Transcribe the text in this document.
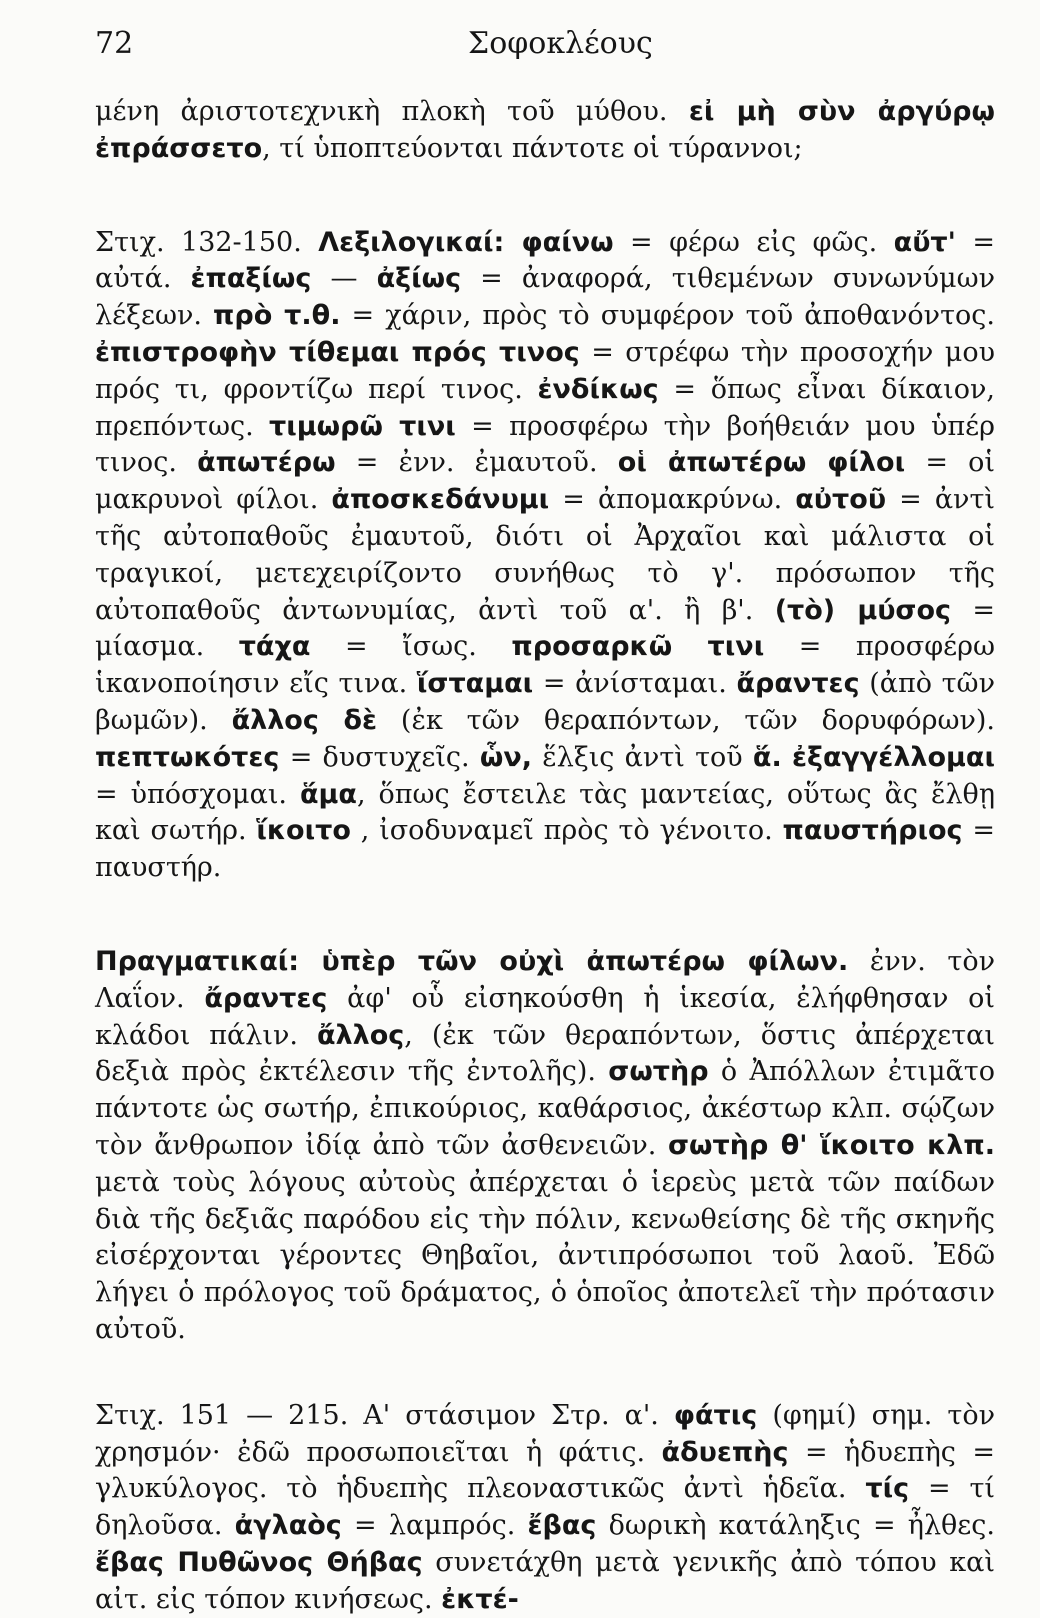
72	Σοφοκλέους

μένη ἀριστοτεχνικὴ πλοκὴ τοῦ μύθου. εἰ μὴ σὺν ἀργύρῳ ἐπράσσετο, τί ὑποπτεύονται πάντοτε οἱ τύραννοι;

Στιχ. 132-150. Λεξιλογικαί: φαίνω = φέρω εἰς φῶς. αὔτ' = αὐτά. ἐπαξίως — ἀξίως = ἀναφορά, τιθεμένων συνωνύμων λέξεων. πρὸ τ.θ. = χάριν, πρὸς τὸ συμφέρον τοῦ ἀποθανόντος. ἐπιστροφὴν τίθεμαι πρός τινος = στρέφω τὴν προσοχήν μου πρός τι, φροντίζω περί τινος. ἐνδίκως = ὅπως εἶναι δίκαιον, πρεπόντως. τιμωρῶ τινι = προσφέρω τὴν βοήθειάν μου ὑπέρ τινος. ἀπωτέρω = ἐνν. ἐμαυτοῦ. οἱ ἀπωτέρω φίλοι = οἱ μακρυνοὶ φίλοι. ἀποσκεδάνυμι = ἀπομακρύνω. αὐτοῦ = ἀντὶ τῆς αὐτοπαθοῦς ἐμαυτοῦ, διότι οἱ Ἀρχαῖοι καὶ μάλιστα οἱ τραγικοί, μετεχειρίζοντο συνήθως τὸ γ'. πρόσωπον τῆς αὐτοπαθοῦς ἀντωνυμίας, ἀντὶ τοῦ α'. ἢ β'. (τὸ) μύσος = μίασμα. τάχα = ἴσως. προσαρκῶ τινι = προσφέρω ἱκανοποίησιν εἴς τινα. ἵσταμαι = ἀνίσταμαι. ἄραντες (ἀπὸ τῶν βωμῶν). ἄλλος δὲ (ἐκ τῶν θεραπόντων, τῶν δορυφόρων). πεπτωκότες = δυστυχεῖς. ὧν, ἕλξις ἀντὶ τοῦ ἅ. ἐξαγγέλλομαι = ὑπόσχομαι. ἅμα, ὅπως ἔστειλε τὰς μαντείας, οὕτως ἂς ἔλθῃ καὶ σωτήρ. ἵκοιτο , ἰσοδυναμεῖ πρὸς τὸ γένοιτο. παυστήριος = παυστήρ.

Πραγματικαί: ὑπὲρ τῶν οὐχὶ ἀπωτέρω φίλων. ἐνν. τὸν Λαΐον. ἄραντες ἀφ' οὗ εἰσηκούσθη ἡ ἱκεσία, ἐλήφθησαν οἱ κλάδοι πάλιν. ἄλλος, (ἐκ τῶν θεραπόντων, ὅστις ἀπέρχεται δεξιὰ πρὸς ἐκτέλεσιν τῆς ἐντολῆς). σωτὴρ ὁ Ἀπόλλων ἐτιμᾶτο πάντοτε ὡς σωτήρ, ἐπικούριος, καθάρσιος, ἀκέστωρ κλπ. σῴζων τὸν ἄνθρωπον ἰδίᾳ ἀπὸ τῶν ἀσθενειῶν. σωτὴρ θ' ἵκοιτο κλπ. μετὰ τοὺς λόγους αὐτοὺς ἀπέρχεται ὁ ἱερεὺς μετὰ τῶν παίδων διὰ τῆς δεξιᾶς παρόδου εἰς τὴν πόλιν, κενωθείσης δὲ τῆς σκηνῆς εἰσέρχονται γέροντες Θηβαῖοι, ἀντιπρόσωποι τοῦ λαοῦ. Ἐδῶ λήγει ὁ πρόλογος τοῦ δράματος, ὁ ὁποῖος ἀποτελεῖ τὴν πρότασιν αὐτοῦ.

Στιχ. 151 — 215. Α' στάσιμον Στρ. α'. φάτις (φημί) σημ. τὸν χρησμόν· ἐδῶ προσωποιεῖται ἡ φάτις. ἀδυεπὴς = ἡδυεπὴς = γλυκύλογος. τὸ ἡδυεπὴς πλεοναστικῶς ἀντὶ ἡδεῖα. τίς = τί δηλοῦσα. ἀγλαὸς = λαμπρός. ἔβας δωρικὴ κατάληξις = ἦλθες. ἔβας Πυθῶνος Θήβας συνετάχθη μετὰ γενικῆς ἀπὸ τόπου καὶ αἰτ. εἰς τόπον κινήσεως. ἐκτέ-
